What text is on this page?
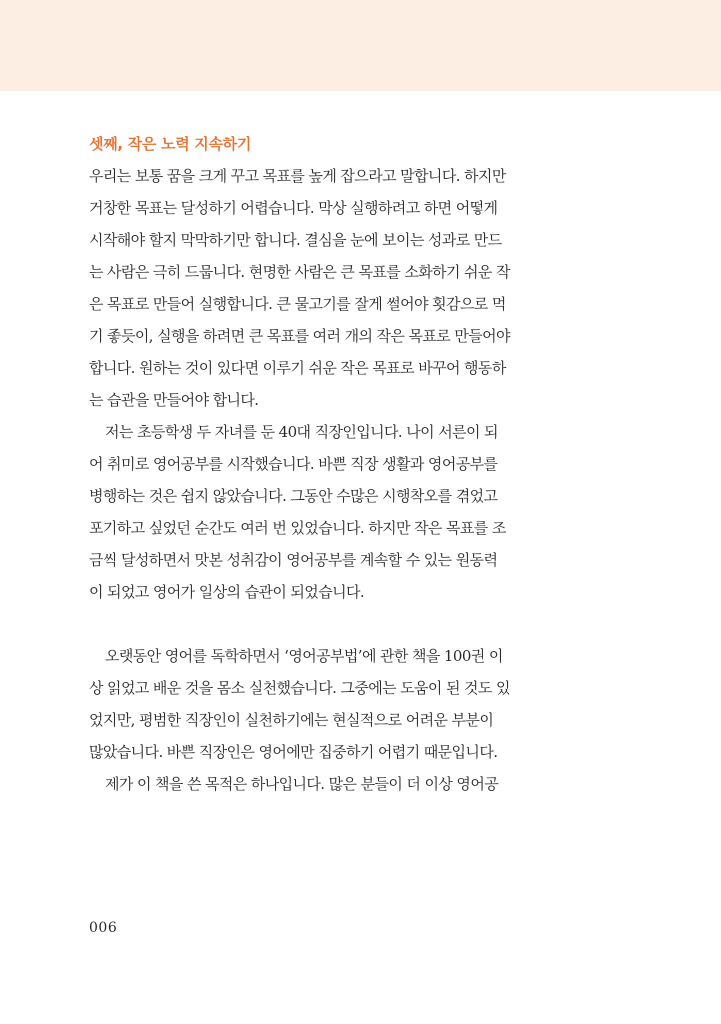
셋째, 작은 노력 지속하기
우리는 보통 꿈을 크게 꾸고 목표를 높게 잡으라고 말합니다. 하지만
거창한 목표는 달성하기 어렵습니다. 막상 실행하려고 하면 어떻게
시작해야 할지 막막하기만 합니다. 결심을 눈에 보이는 성과로 만드
는 사람은 극히 드뭅니다. 현명한 사람은 큰 목표를 소화하기 쉬운 작
은 목표로 만들어 실행합니다. 큰 물고기를 잘게 썰어야 횟감으로 먹
기 좋듯이, 실행을 하려면 큰 목표를 여러 개의 작은 목표로 만들어야
합니다. 원하는 것이 있다면 이루기 쉬운 작은 목표로 바꾸어 행동하
는 습관을 만들어야 합니다.
저는 초등학생 두 자녀를 둔 40대 직장인입니다. 나이 서른이 되
어 취미로 영어공부를 시작했습니다. 바쁜 직장 생활과 영어공부를
병행하는 것은 쉽지 않았습니다. 그동안 수많은 시행착오를 겪었고
포기하고 싶었던 순간도 여러 번 있었습니다. 하지만 작은 목표를 조
금씩 달성하면서 맛본 성취감이 영어공부를 계속할 수 있는 원동력
이 되었고 영어가 일상의 습관이 되었습니다.
오랫동안 영어를 독학하면서 ‘영어공부법’에 관한 책을 100권 이
상 읽었고 배운 것을 몸소 실천했습니다. 그중에는 도움이 된 것도 있
었지만, 평범한 직장인이 실천하기에는 현실적으로 어려운 부분이
많았습니다. 바쁜 직장인은 영어에만 집중하기 어렵기 때문입니다.
제가 이 책을 쓴 목적은 하나입니다. 많은 분들이 더 이상 영어공
006
